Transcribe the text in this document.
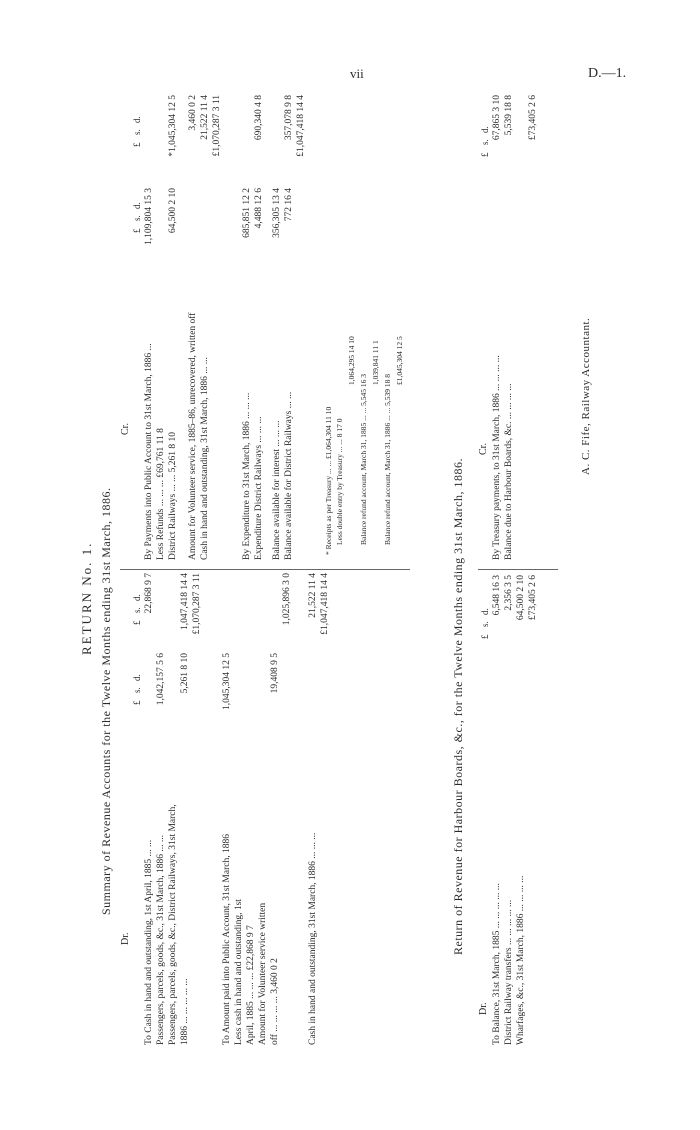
vii	D.—1.
RETURN No. 1. Summary of Revenue Accounts for the Twelve Months ending 31st March, 1886.
Dr.
Cr.
£
£
s.
s.
d.
d.
To Cash in hand and outstanding, 1st April, 1885 ... ...
22,868 9 7
Passengers, parcels, goods, &c., 31st March, 1886 ... ...
1,042,157 5 6
Passengers, parcels, goods, &c., District Railways, 31st March, 1886 ... ... ... ... ...
5,261 8 10
1,047,418 14 4 £1,070,287 3 11
To Amount paid into Public Account, 31st March, 1886
1,045,304 12 5
Less cash in hand and outstanding, 1st April, 1885 ... ... ... £22,868 9 7 Amount for Volunteer service written off ... ... ... ... 3,460 0 2
19,408 9 5
1,025,896 3 0
Cash in hand and outstanding, 31st March, 1886 ... ... ...
21,522 11 4 £1,047,418 14 4
£
£
s.
s.
d.
d.
By Payments into Public Account to 31st March, 1886 ...
1,109,804 15 3
Less Refunds ... ... ... £69,761 11 8 District Railways ... ... 5,261 8 10
64,500 2 10
*1,045,304 12 5
Amount for Volunteer service, 1885–86, unrecovered, written off
3,460 0 2
Cash in hand and outstanding, 31st March, 1886 ... ...
21,522 11 4 £1,070,287 3 11
By Expenditure to 31st March, 1886 ... ... ...
685,851 12 2
Expenditure District Railways ... ... ...
4,488 12 6
690,340 4 8
Balance available for interest ... ... ...
356,305 13 4
Balance available for District Railways ... ...
772 16 4
357,078 9 8 £1,047,418 14 4
* Receipts as per Treasury ... ... £1,064,304 11 10 Less double entry by Treasury ... ... 8 17 0
1,064,295 14 10
Balance refund account, March 31, 1885 ... ... 5,545 16 3
1,039,841 11 1
Balance refund account, March 31, 1886 ... ... 5,539 18 8
£1,045,304 12 5
Return of Revenue for Harbour Boards, &c., for the Twelve Months ending 31st March, 1886.
Dr.
Cr.
£
s.
d.
To Balance, 31st March, 1885 ... ... ... ... ...
6,548 16 3
District Railway transfers ... ... ... ... ...
2,356 3 5
Wharfages, &c., 31st March, 1886 ... ... ... ...
64,500 2 10 £73,405 2 6
£
s.
d.
By Treasury payments, to 31st March, 1886 ... ... ... ...
67,865 3 10
Balance due to Harbour Boards, &c. ... ... ... ...
5,539 18 8 £73,405 2 6
A. C. Fife, Railway Accountant.
